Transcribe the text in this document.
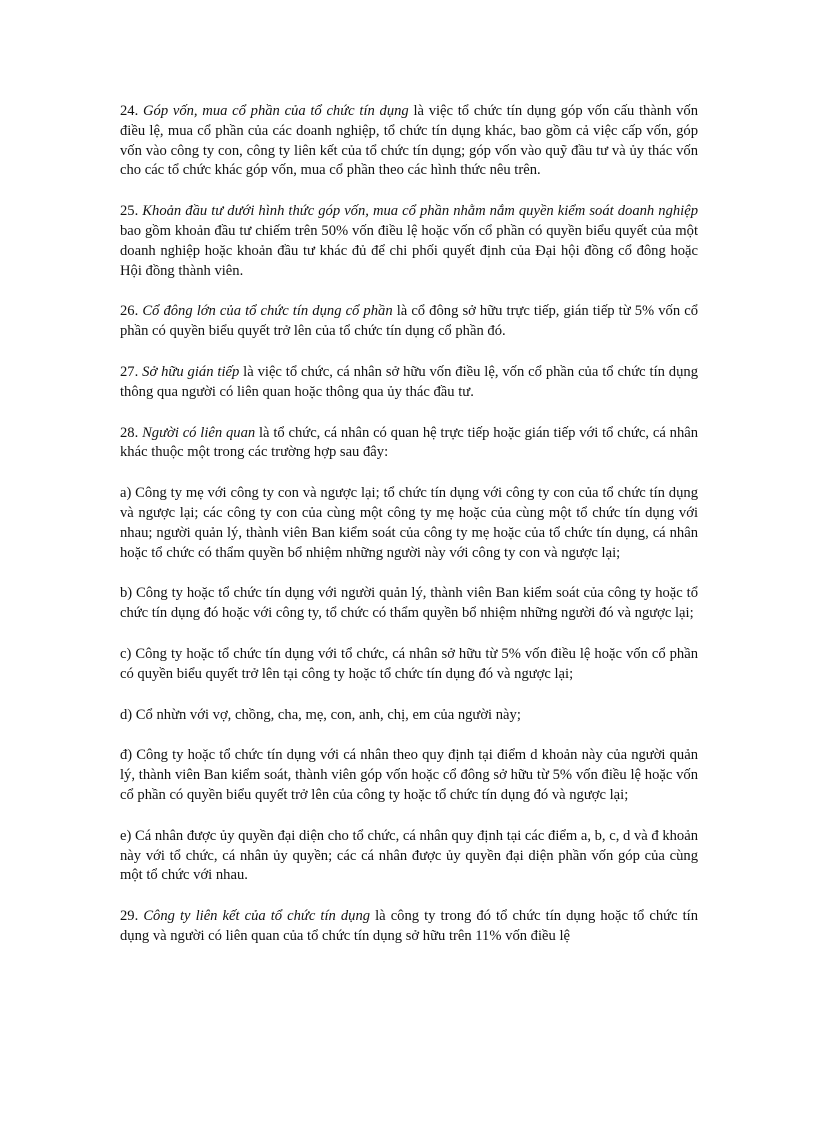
24. Góp vốn, mua cổ phần của tổ chức tín dụng là việc tổ chức tín dụng góp vốn cấu thành vốn điều lệ, mua cổ phần của các doanh nghiệp, tổ chức tín dụng khác, bao gồm cả việc cấp vốn, góp vốn vào công ty con, công ty liên kết của tổ chức tín dụng; góp vốn vào quỹ đầu tư và ủy thác vốn cho các tổ chức khác góp vốn, mua cổ phần theo các hình thức nêu trên.

25. Khoản đầu tư dưới hình thức góp vốn, mua cổ phần nhằm nắm quyền kiểm soát doanh nghiệp bao gồm khoản đầu tư chiếm trên 50% vốn điều lệ hoặc vốn cổ phần có quyền biểu quyết của một doanh nghiệp hoặc khoản đầu tư khác đủ để chi phối quyết định của Đại hội đồng cổ đông hoặc Hội đồng thành viên.

26. Cổ đông lớn của tổ chức tín dụng cổ phần là cổ đông sở hữu trực tiếp, gián tiếp từ 5% vốn cổ phần có quyền biểu quyết trở lên của tổ chức tín dụng cổ phần đó.

27. Sở hữu gián tiếp là việc tổ chức, cá nhân sở hữu vốn điều lệ, vốn cổ phần của tổ chức tín dụng thông qua người có liên quan hoặc thông qua ủy thác đầu tư.

28. Người có liên quan là tổ chức, cá nhân có quan hệ trực tiếp hoặc gián tiếp với tổ chức, cá nhân khác thuộc một trong các trường hợp sau đây:

a) Công ty mẹ với công ty con và ngược lại; tổ chức tín dụng với công ty con của tổ chức tín dụng và ngược lại; các công ty con của cùng một công ty mẹ hoặc của cùng một tổ chức tín dụng với nhau; người quản lý, thành viên Ban kiểm soát của công ty mẹ hoặc của tổ chức tín dụng, cá nhân hoặc tổ chức có thẩm quyền bổ nhiệm những người này với công ty con và ngược lại;

b) Công ty hoặc tổ chức tín dụng với người quản lý, thành viên Ban kiểm soát của công ty hoặc tổ chức tín dụng đó hoặc với công ty, tổ chức có thẩm quyền bổ nhiệm những người đó và ngược lại;

c) Công ty hoặc tổ chức tín dụng với tổ chức, cá nhân sở hữu từ 5% vốn điều lệ hoặc vốn cổ phần có quyền biểu quyết trở lên tại công ty hoặc tổ chức tín dụng đó và ngược lại;

d) Cổ nhừn với vợ, chồng, cha, mẹ, con, anh, chị, em của người này;

đ) Công ty hoặc tổ chức tín dụng với cá nhân theo quy định tại điểm d khoản này của người quản lý, thành viên Ban kiểm soát, thành viên góp vốn hoặc cổ đông sở hữu từ 5% vốn điều lệ hoặc vốn cổ phần có quyền biểu quyết trở lên của công ty hoặc tổ chức tín dụng đó và ngược lại;

e) Cá nhân được ủy quyền đại diện cho tổ chức, cá nhân quy định tại các điểm a, b, c, d và đ khoản này với tổ chức, cá nhân ủy quyền; các cá nhân được ủy quyền đại diện phần vốn góp của cùng một tổ chức với nhau.

29. Công ty liên kết của tổ chức tín dụng là công ty trong đó tổ chức tín dụng hoặc tổ chức tín dụng và người có liên quan của tổ chức tín dụng sở hữu trên 11% vốn điều lệ
